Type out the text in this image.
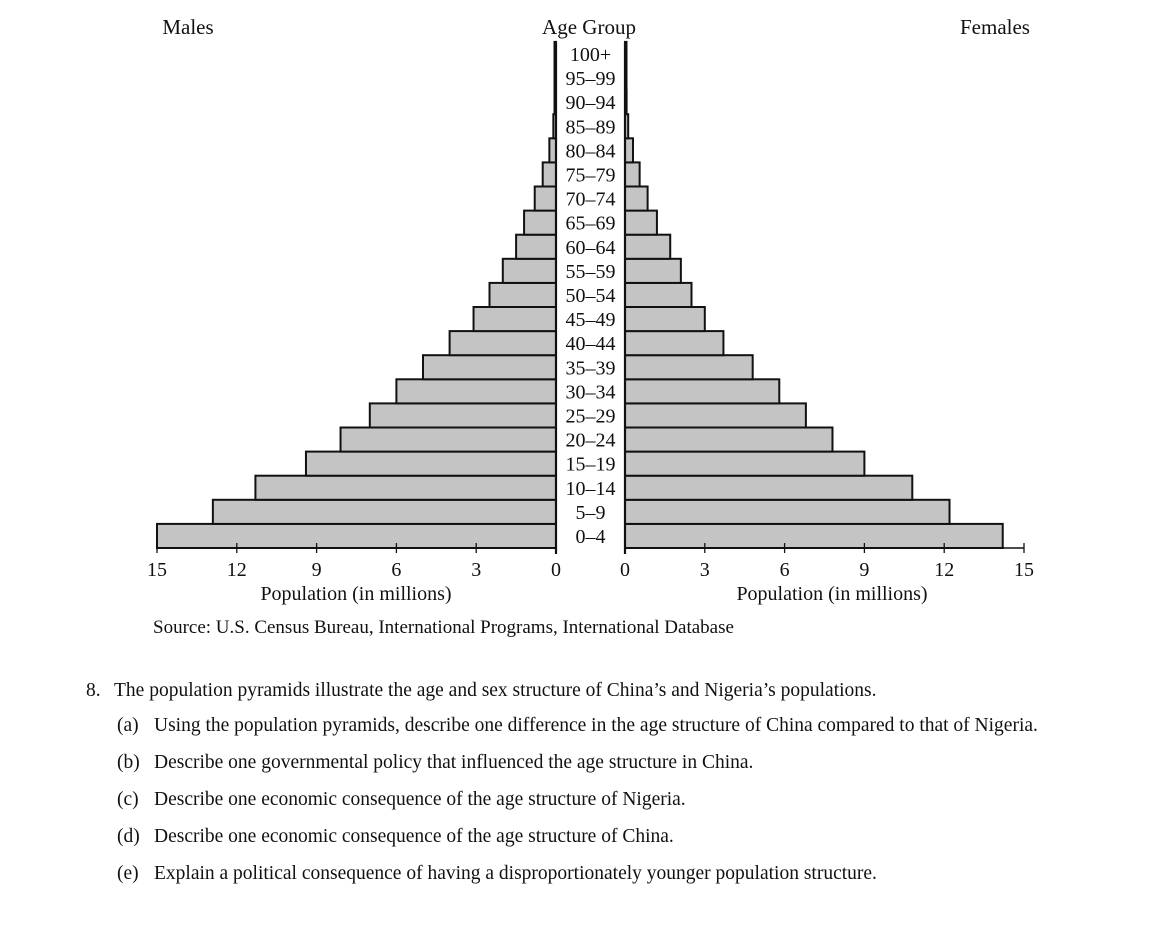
Males	Age Group	Females
0–4
5–9
10–14
15–19
20–24
25–29
30–34
35–39
40–44
45–49
50–54
55–59
60–64
65–69
70–74
75–79
80–84
85–89
90–94
95–99
100+
0	0
3	3
6	6
9	9
12	12
15	15
Population (in millions)	Population (in millions)
Source: U.S. Census Bureau, International Programs, International Database
8. The population pyramids illustrate the age and sex structure of China’s and Nigeria’s populations.
(a) Using the population pyramids, describe one difference in the age structure of China compared to that of Nigeria.
(b) Describe one governmental policy that influenced the age structure in China.
(c) Describe one economic consequence of the age structure of Nigeria.
(d) Describe one economic consequence of the age structure of China.
(e) Explain a political consequence of having a disproportionately younger population structure.
